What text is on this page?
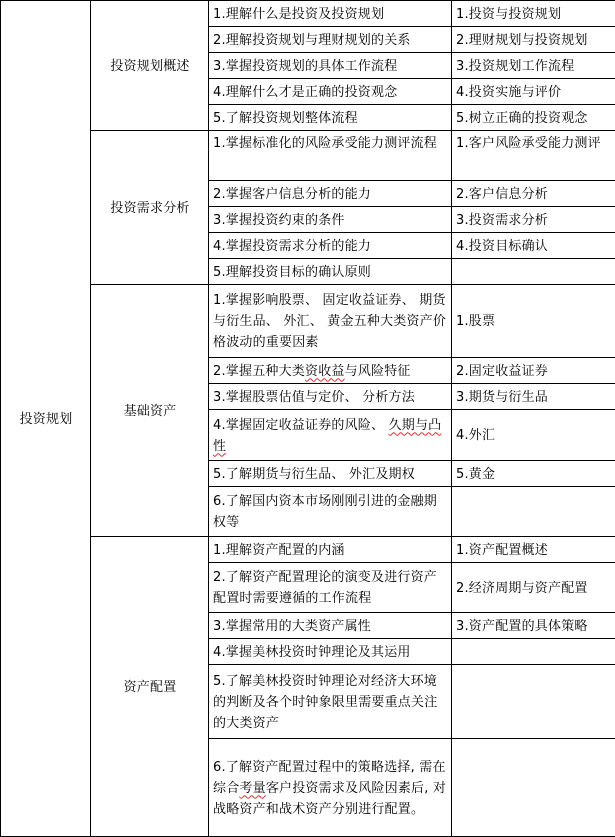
投资规划	投资规划概述	1.理解什么是投资及投资规划	1.投资与投资规划
		2.理解投资规划与理财规划的关系	2.理财规划与投资规划
		3.掌握投资规划的具体工作流程	3.投资规划工作流程
		4.理解什么才是正确的投资观念	4.投资实施与评价
		5.了解投资规划整体流程	5.树立正确的投资观念
	投资需求分析	1.掌握标准化的风险承受能力测评流程	1.客户风险承受能力测评
		2.掌握客户信息分析的能力	2.客户信息分析
		3.掌握投资约束的条件	3.投资需求分析
		4.掌握投资需求分析的能力	4.投资目标确认
		5.理解投资目标的确认原则	
	基础资产	1.掌握影响股票、 固定收益证券、 期货与衍生品、 外汇、 黄金五种大类资产价格波动的重要因素	1.股票
		2.掌握五种大类资收益与风险特征	2.固定收益证券
		3.掌握股票估值与定价、 分析方法	3.期货与衍生品
		4.掌握固定收益证券的风险、 久期与凸性	4.外汇
		5.了解期货与衍生品、 外汇及期权	5.黄金
		6.了解国内资本市场刚刚引进的金融期权等	
	资产配置	1.理解资产配置的内涵	1.资产配置概述
		2.了解资产配置理论的演变及进行资产配置时需要遵循的工作流程	2.经济周期与资产配置
		3.掌握常用的大类资产属性	3.资产配置的具体策略
		4.掌握美林投资时钟理论及其运用	
		5.了解美林投资时钟理论对经济大环境的判断及各个时钟象限里需要重点关注的大类资产	
		6.了解资产配置过程中的策略选择, 需在综合考量客户投资需求及风险因素后, 对战略资产和战术资产分别进行配置。	
